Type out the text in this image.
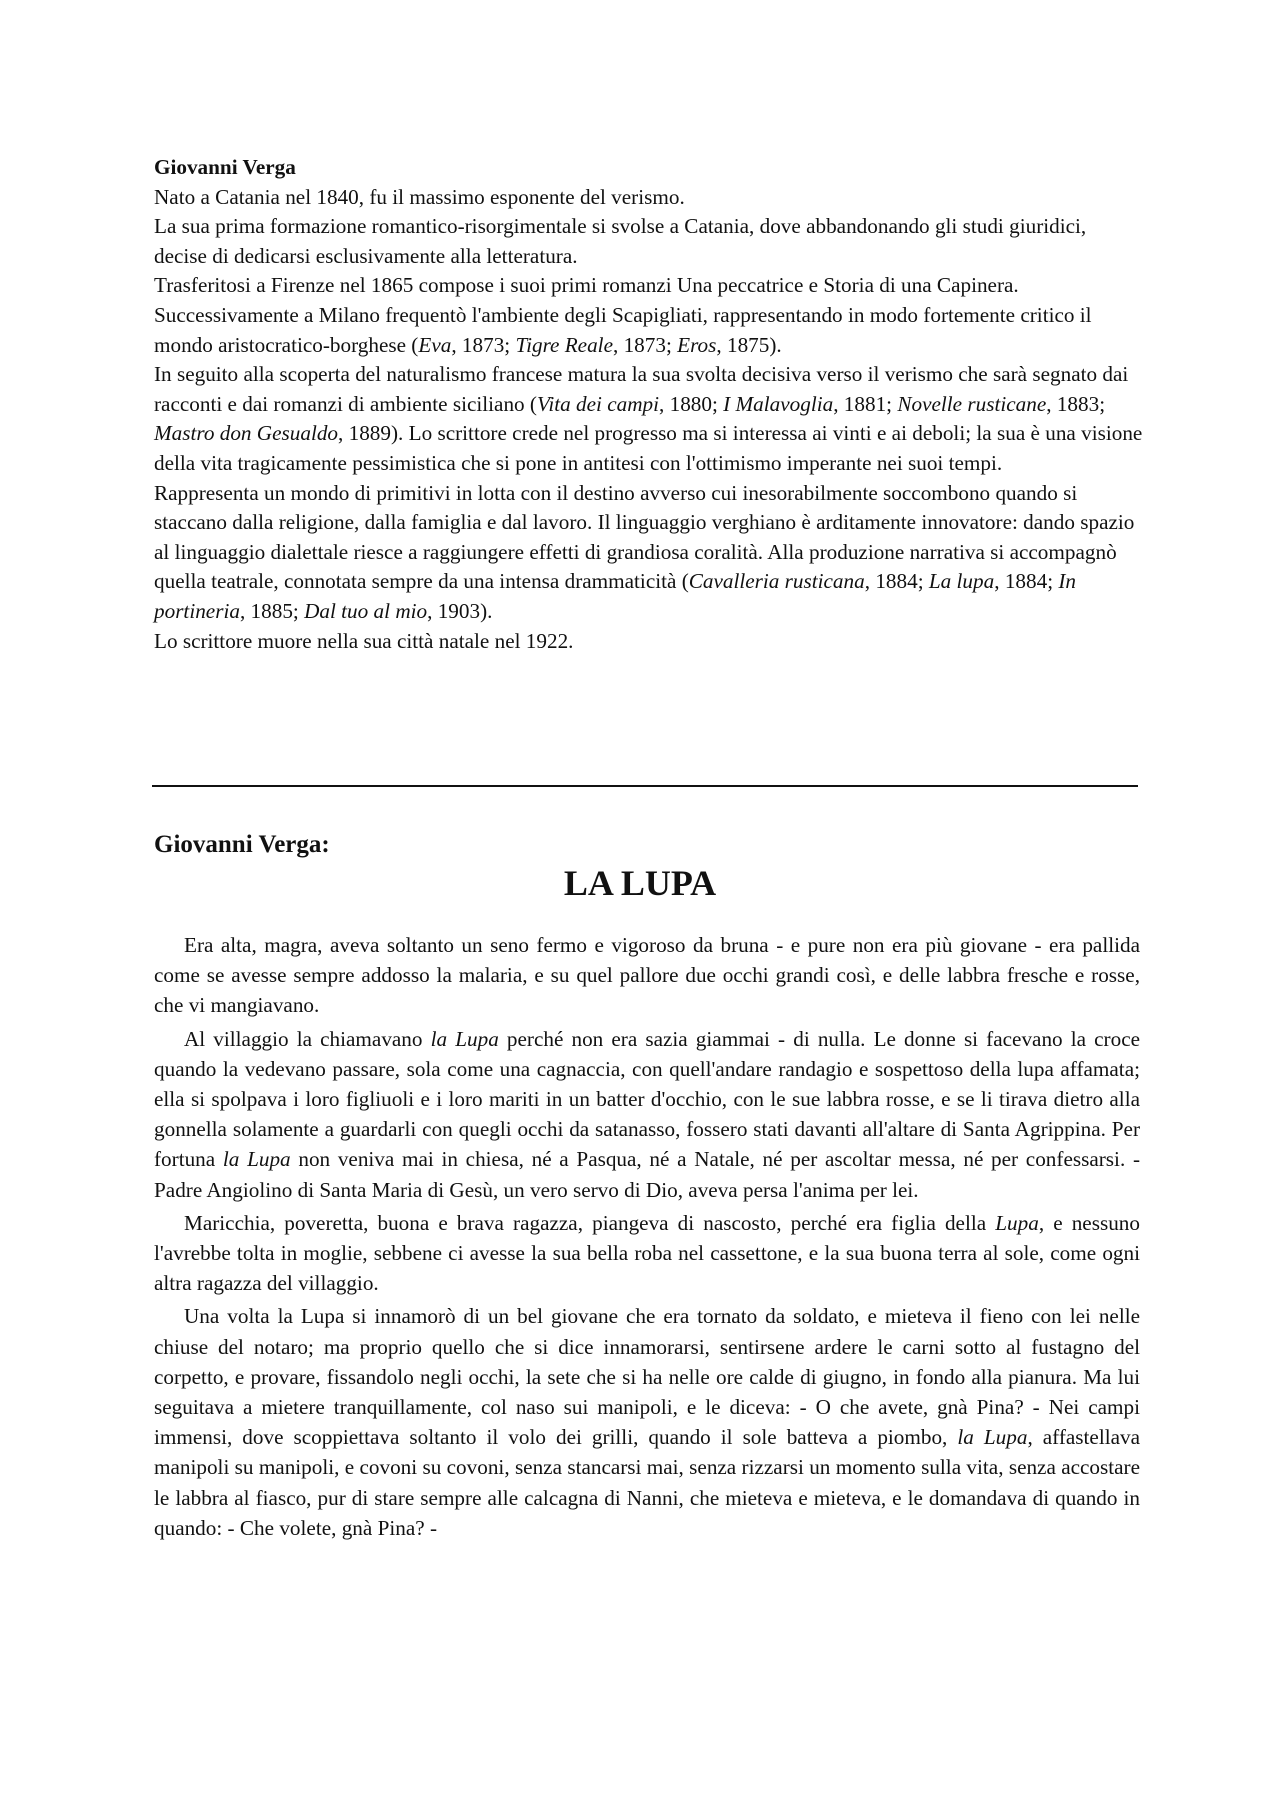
Giovanni Verga

Nato a Catania nel 1840, fu il massimo esponente del verismo.

La sua prima formazione romantico-risorgimentale si svolse a Catania, dove abbandonando gli studi giuridici, decise di dedicarsi esclusivamente alla letteratura.

Trasferitosi a Firenze nel 1865 compose i suoi primi romanzi Una peccatrice e Storia di una Capinera. Successivamente a Milano frequentò l'ambiente degli Scapigliati, rappresentando in modo fortemente critico il mondo aristocratico-borghese (Eva, 1873; Tigre Reale, 1873; Eros, 1875).

In seguito alla scoperta del naturalismo francese matura la sua svolta decisiva verso il verismo che sarà segnato dai racconti e dai romanzi di ambiente siciliano (Vita dei campi, 1880; I Malavoglia, 1881; Novelle rusticane, 1883; Mastro don Gesualdo, 1889). Lo scrittore crede nel progresso ma si interessa ai vinti e ai deboli; la sua è una visione della vita tragicamente pessimistica che si pone in antitesi con l'ottimismo imperante nei suoi tempi.

Rappresenta un mondo di primitivi in lotta con il destino avverso cui inesorabilmente soccombono quando si staccano dalla religione, dalla famiglia e dal lavoro. Il linguaggio verghiano è arditamente innovatore: dando spazio al linguaggio dialettale riesce a raggiungere effetti di grandiosa coralità. Alla produzione narrativa si accompagnò quella teatrale, connotata sempre da una intensa drammaticità (Cavalleria rusticana, 1884; La lupa, 1884; In portineria, 1885; Dal tuo al mio, 1903).

Lo scrittore muore nella sua città natale nel 1922.

Giovanni Verga:
LA LUPA

Era alta, magra, aveva soltanto un seno fermo e vigoroso da bruna - e pure non era più giovane - era pallida come se avesse sempre addosso la malaria, e su quel pallore due occhi grandi così, e delle labbra fresche e rosse, che vi mangiavano.

Al villaggio la chiamavano la Lupa perché non era sazia giammai - di nulla. Le donne si facevano la croce quando la vedevano passare, sola come una cagnaccia, con quell'andare randagio e sospettoso della lupa affamata; ella si spolpava i loro figliuoli e i loro mariti in un batter d'occhio, con le sue labbra rosse, e se li tirava dietro alla gonnella solamente a guardarli con quegli occhi da satanasso, fossero stati davanti all'altare di Santa Agrippina. Per fortuna la Lupa non veniva mai in chiesa, né a Pasqua, né a Natale, né per ascoltar messa, né per confessarsi. - Padre Angiolino di Santa Maria di Gesù, un vero servo di Dio, aveva persa l'anima per lei.

Maricchia, poveretta, buona e brava ragazza, piangeva di nascosto, perché era figlia della Lupa, e nessuno l'avrebbe tolta in moglie, sebbene ci avesse la sua bella roba nel cassettone, e la sua buona terra al sole, come ogni altra ragazza del villaggio.

Una volta la Lupa si innamorò di un bel giovane che era tornato da soldato, e mieteva il fieno con lei nelle chiuse del notaro; ma proprio quello che si dice innamorarsi, sentirsene ardere le carni sotto al fustagno del corpetto, e provare, fissandolo negli occhi, la sete che si ha nelle ore calde di giugno, in fondo alla pianura. Ma lui seguitava a mietere tranquillamente, col naso sui manipoli, e le diceva: - O che avete, gnà Pina? - Nei campi immensi, dove scoppiettava soltanto il volo dei grilli, quando il sole batteva a piombo, la Lupa, affastellava manipoli su manipoli, e covoni su covoni, senza stancarsi mai, senza rizzarsi un momento sulla vita, senza accostare le labbra al fiasco, pur di stare sempre alle calcagna di Nanni, che mieteva e mieteva, e le domandava di quando in quando: - Che volete, gnà Pina? -
